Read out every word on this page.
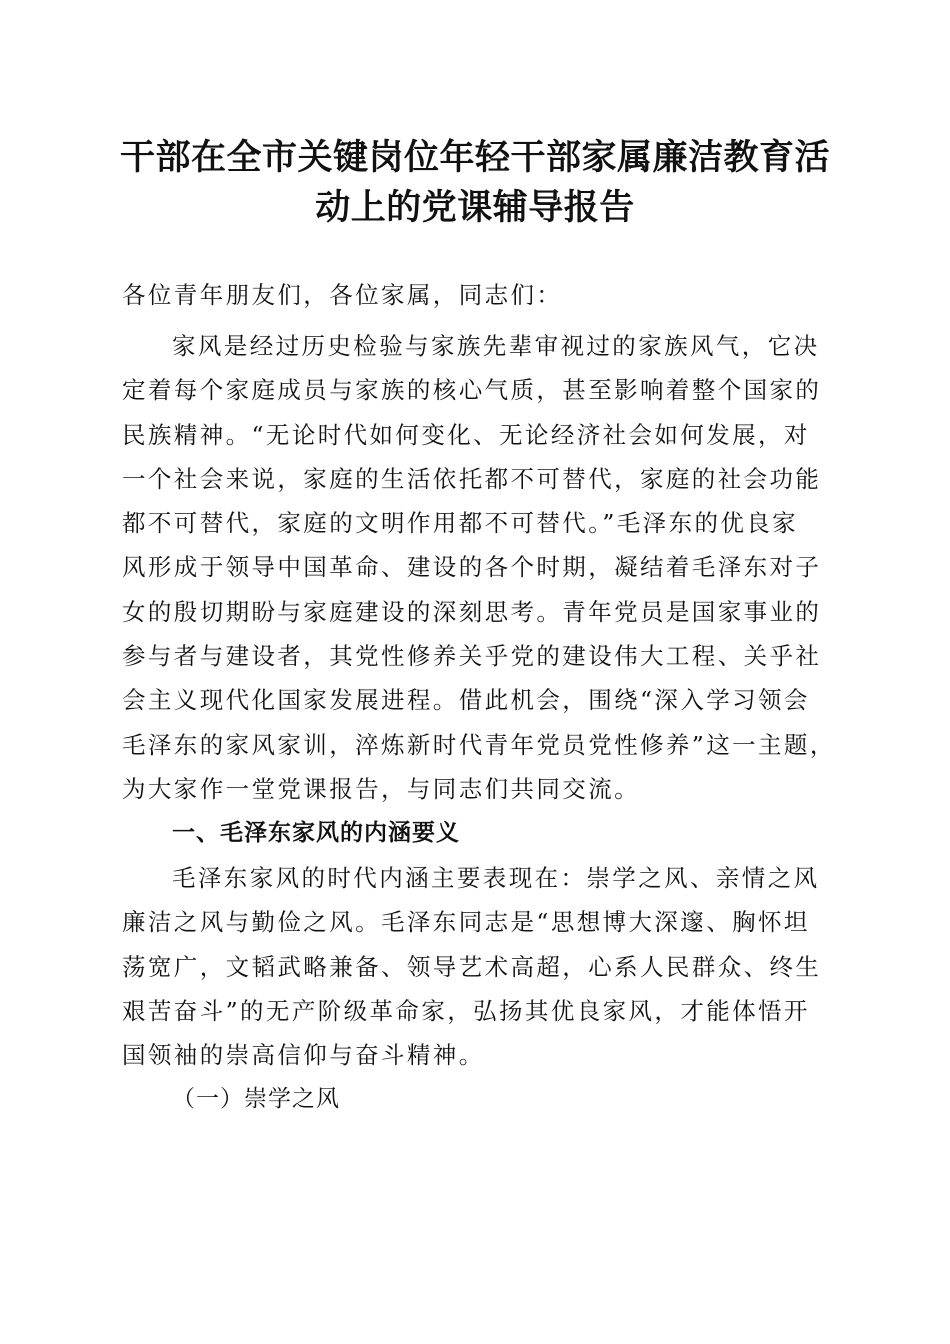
干部在全市关键岗位年轻干部家属廉洁教育活
动上的党课辅导报告
各位青年朋友们，各位家属，同志们：
家风是经过历史检验与家族先辈审视过的家族风气，它决
定着每个家庭成员与家族的核心气质，甚至影响着整个国家的
民族精神。“无论时代如何变化、无论经济社会如何发展，对
一个社会来说，家庭的生活依托都不可替代，家庭的社会功能
都不可替代，家庭的文明作用都不可替代。”毛泽东的优良家
风形成于领导中国革命、建设的各个时期，凝结着毛泽东对子
女的殷切期盼与家庭建设的深刻思考。青年党员是国家事业的
参与者与建设者，其党性修养关乎党的建设伟大工程、关乎社
会主义现代化国家发展进程。借此机会，围绕“深入学习领会
毛泽东的家风家训，淬炼新时代青年党员党性修养”这一主题，
为大家作一堂党课报告，与同志们共同交流。
一、毛泽东家风的内涵要义
毛泽东家风的时代内涵主要表现在：崇学之风、亲情之风
廉洁之风与勤俭之风。毛泽东同志是“思想博大深邃、胸怀坦
荡宽广，文韬武略兼备、领导艺术高超，心系人民群众、终生
艰苦奋斗”的无产阶级革命家，弘扬其优良家风，才能体悟开
国领袖的崇高信仰与奋斗精神。
（一）崇学之风
